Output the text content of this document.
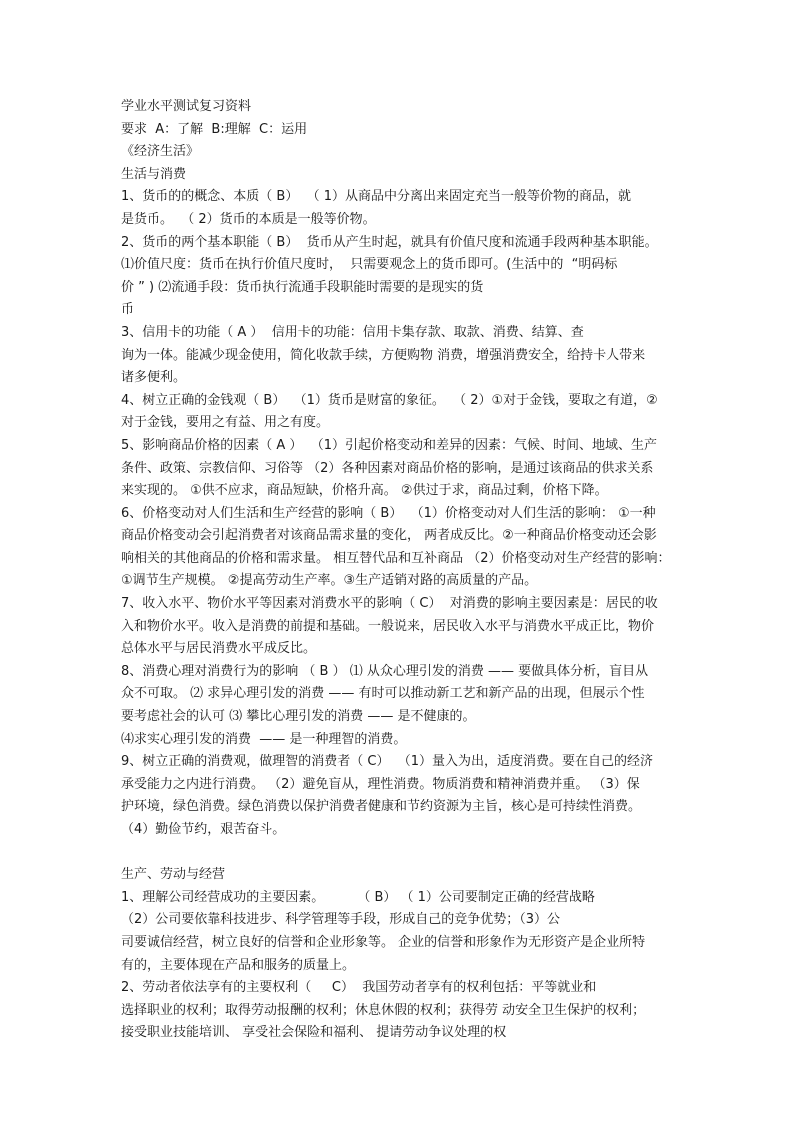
学业水平测试复习资料
要求  A：了解  B:理解  C：运用
《经济生活》
生活与消费
1、货币的的概念、本质（ B）  （ 1）从商品中分离出来固定充当一般等价物的商品，就
是货币。  （ 2）货币的本质是一般等价物。
2、货币的两个基本职能（ B）  货币从产生时起，就具有价值尺度和流通手段两种基本职能。
⑴价值尺度：货币在执行价值尺度时，  只需要观念上的货币即可。(生活中的  “明码标
价 ” ) ⑵流通手段：货币执行流通手段职能时需要的是现实的货
币
3、信用卡的功能（ A ）  信用卡的功能：信用卡集存款、取款、消费、结算、查
询为一体。能减少现金使用，简化收款手续，方便购物 消费，增强消费安全，给持卡人带来
诸多便利。
4、树立正确的金钱观（ B）  （1）货币是财富的象征。  （ 2）①对于金钱，要取之有道，②
对于金钱，要用之有益、用之有度。
5、影响商品价格的因素（ A ）  （1）引起价格变动和差异的因素：气候、时间、地域、生产
条件、政策、宗教信仰、习俗等 （2）各种因素对商品价格的影响，是通过该商品的供求关系
来实现的。 ①供不应求，商品短缺，价格升高。 ②供过于求，商品过剩，价格下降。
6、价格变动对人们生活和生产经营的影响（ B）  （1）价格变动对人们生活的影响： ①一种
商品价格变动会引起消费者对该商品需求量的变化， 两者成反比。②一种商品价格变动还会影
响相关的其他商品的价格和需求量。 相互替代品和互补商品 （2）价格变动对生产经营的影响：
①调节生产规模。 ②提高劳动生产率。③生产适销对路的高质量的产品。
7、收入水平、物价水平等因素对消费水平的影响（ C）  对消费的影响主要因素是：居民的收
入和物价水平。收入是消费的前提和基础。一般说来，居民收入水平与消费水平成正比，物价
总体水平与居民消费水平成反比。
8、消费心理对消费行为的影响 （ B ） ⑴ 从众心理引发的消费 —— 要做具体分析，盲目从
众不可取。 ⑵ 求异心理引发的消费 —— 有时可以推动新工艺和新产品的出现，但展示个性
要考虑社会的认可 ⑶ 攀比心理引发的消费 —— 是不健康的。
⑷求实心理引发的消费  —— 是一种理智的消费。
9、树立正确的消费观，做理智的消费者（ C）  （1）量入为出，适度消费。要在自己的经济
承受能力之内进行消费。 （2）避免盲从，理性消费。物质消费和精神消费并重。 （3）保
护环境，绿色消费。绿色消费以保护消费者健康和节约资源为主旨，核心是可持续性消费。
（4）勤俭节约，艰苦奋斗。
生产、劳动与经营
1、理解公司经营成功的主要因素。        （ B） （ 1）公司要制定正确的经营战略
（2）公司要依靠科技进步、科学管理等手段，形成自己的竞争优势；（3）公
司要诚信经营，树立良好的信誉和企业形象等。 企业的信誉和形象作为无形资产是企业所特
有的，主要体现在产品和服务的质量上。
2、劳动者依法享有的主要权利（     C）  我国劳动者享有的权利包括：平等就业和
选择职业的权利；取得劳动报酬的权利；休息休假的权利；获得劳 动安全卫生保护的权利；
接受职业技能培训、 享受社会保险和福利、 提请劳动争议处理的权
